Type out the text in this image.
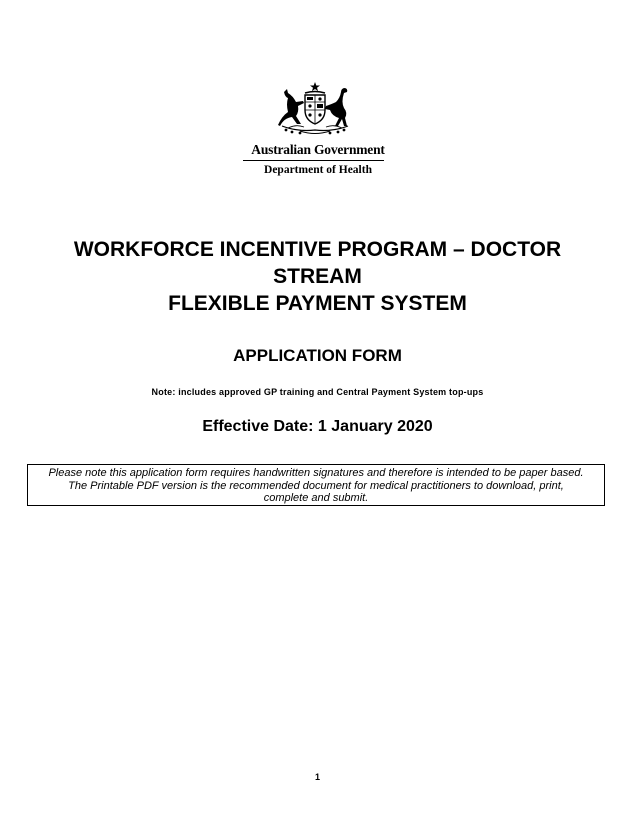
Australian Government
Department of Health
WORKFORCE INCENTIVE PROGRAM – DOCTOR
STREAM
FLEXIBLE PAYMENT SYSTEM
APPLICATION FORM
Note: includes approved GP training and Central Payment System top-ups
Effective Date: 1 January 2020
Please note this application form requires handwritten signatures and therefore is intended to be paper based.
The Printable PDF version is the recommended document for medical practitioners to download, print,
complete and submit.
1
